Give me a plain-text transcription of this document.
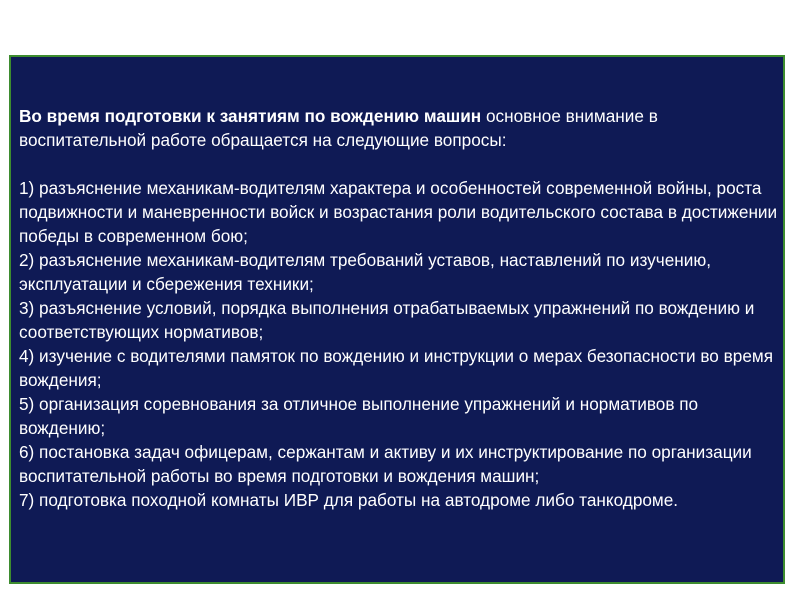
Во время подготовки к занятиям по вождению машин основное внимание в воспитательной работе обращается на следующие вопросы:

1) разъяснение механикам-водителям характера и особенностей современной войны, роста подвижности и маневренности войск и возрастания роли водительского состава в достижении победы в современном бою;

2) разъяснение механикам-водителям требований уставов, наставлений по изучению, эксплуатации и сбережения техники;

3) разъяснение условий, порядка выполнения отрабатываемых упражнений по вождению и соответствующих нормативов;

4) изучение с водителями памяток по вождению и инструкции о мерах безопасности во время вождения;

5) организация соревнования за отличное выполнение упражнений и нормативов по вождению;

6) постановка задач офицерам, сержантам и активу и их инструктирование по организации воспитательной работы во время подготовки и вождения машин;

7) подготовка походной комнаты ИВР для работы на автодроме либо танкодроме.
